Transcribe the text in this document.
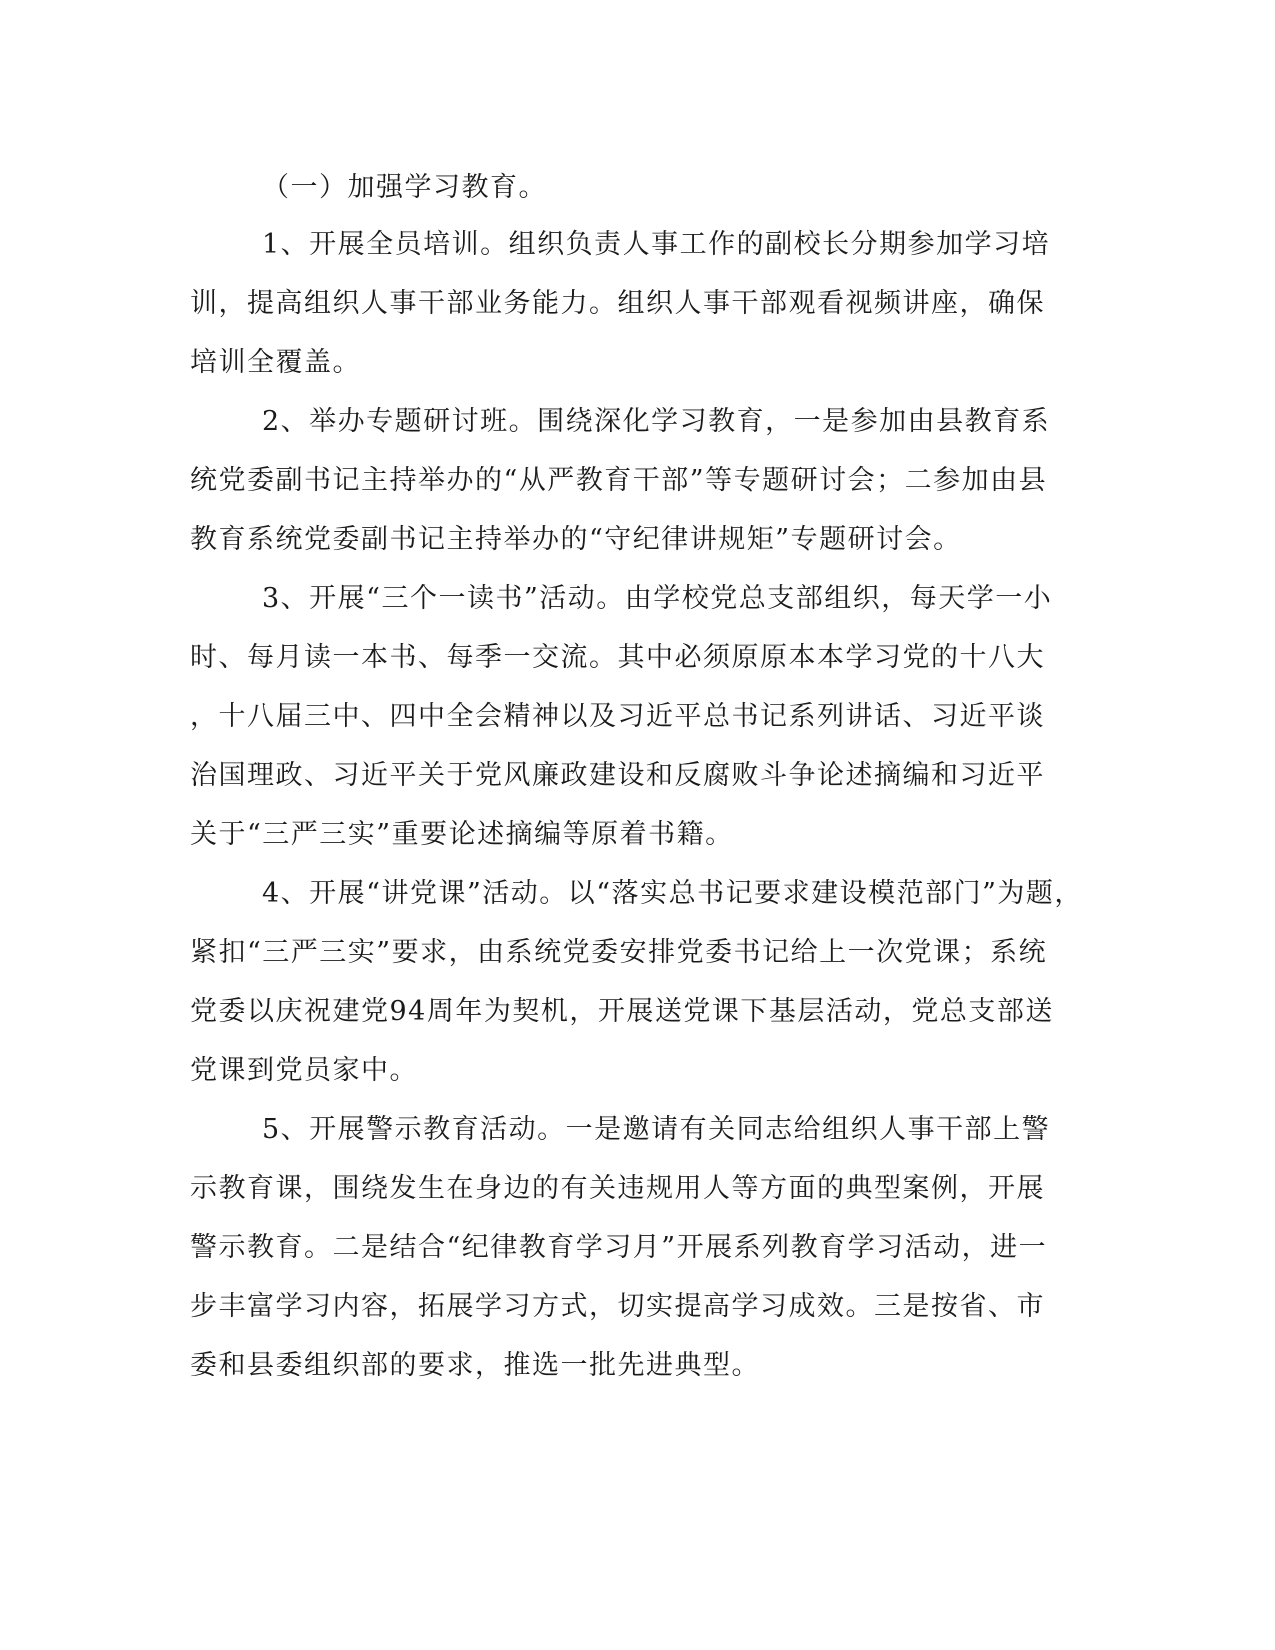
（一）加强学习教育。
1、开展全员培训。组织负责人事工作的副校长分期参加学习培
训，提高组织人事干部业务能力。组织人事干部观看视频讲座，确保
培训全覆盖。
2、举办专题研讨班。围绕深化学习教育，一是参加由县教育系
统党委副书记主持举办的“从严教育干部”等专题研讨会；二参加由县
教育系统党委副书记主持举办的“守纪律讲规矩”专题研讨会。
3、开展“三个一读书”活动。由学校党总支部组织，每天学一小
时、每月读一本书、每季一交流。其中必须原原本本学习党的十八大
，十八届三中、四中全会精神以及习近平总书记系列讲话、习近平谈
治国理政、习近平关于党风廉政建设和反腐败斗争论述摘编和习近平
关于“三严三实”重要论述摘编等原着书籍。
4、开展“讲党课”活动。以“落实总书记要求建设模范部门”为题，
紧扣“三严三实”要求，由系统党委安排党委书记给上一次党课；系统
党委以庆祝建党94周年为契机，开展送党课下基层活动，党总支部送
党课到党员家中。
5、开展警示教育活动。一是邀请有关同志给组织人事干部上警
示教育课，围绕发生在身边的有关违规用人等方面的典型案例，开展
警示教育。二是结合“纪律教育学习月”开展系列教育学习活动，进一
步丰富学习内容，拓展学习方式，切实提高学习成效。三是按省、市
委和县委组织部的要求，推选一批先进典型。
